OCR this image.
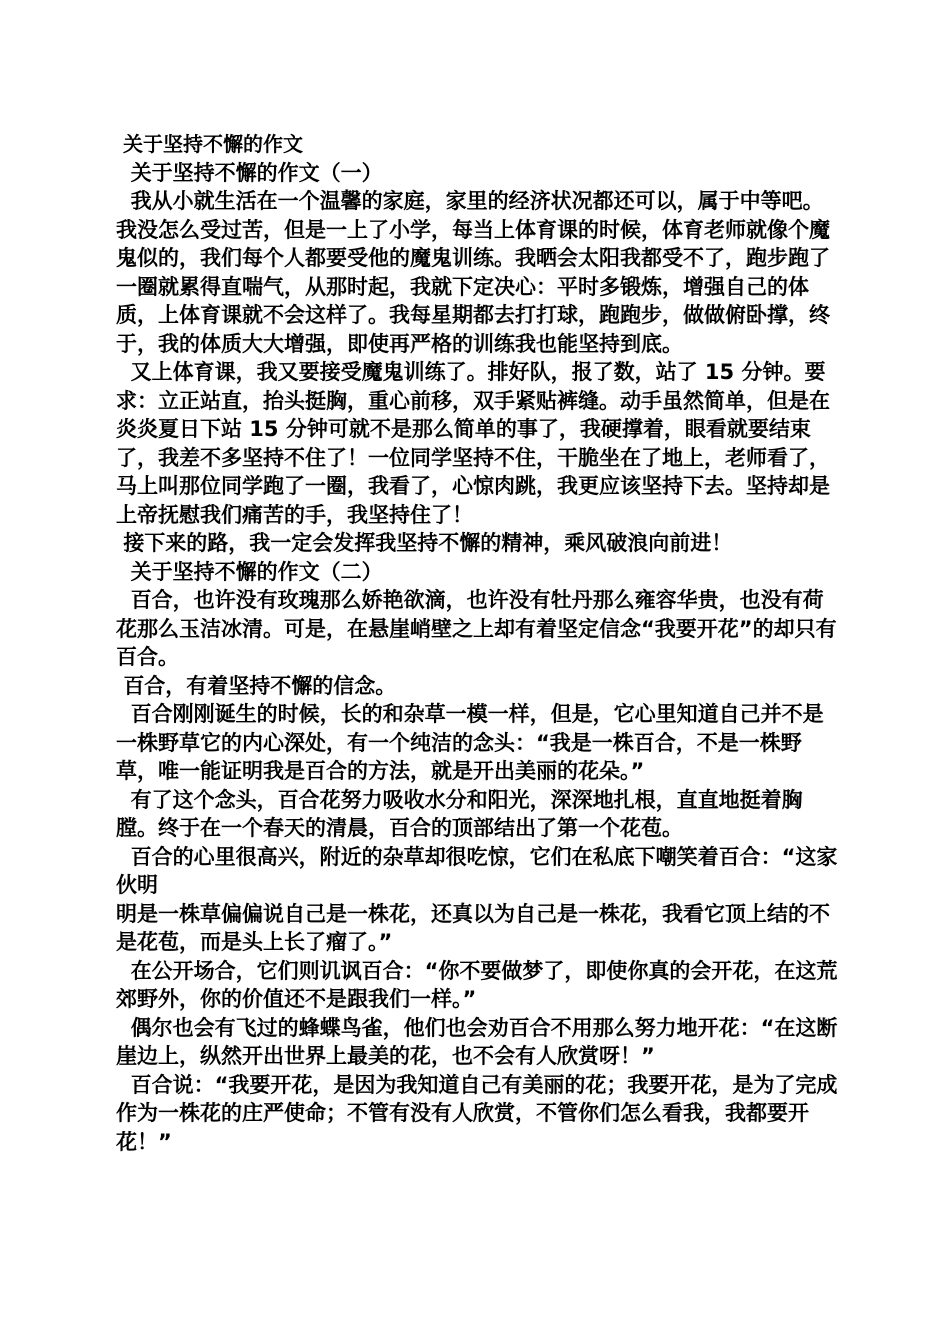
关于坚持不懈的作文

关于坚持不懈的作文（一）

我从小就生活在一个温馨的家庭，家里的经济状况都还可以，属于中等吧。我没怎么受过苦，但是一上了小学，每当上体育课的时候，体育老师就像个魔鬼似的，我们每个人都要受他的魔鬼训练。我晒会太阳我都受不了，跑步跑了一圈就累得直喘气，从那时起，我就下定决心：平时多锻炼，增强自己的体质，上体育课就不会这样了。我每星期都去打打球，跑跑步，做做俯卧撑，终于，我的体质大大增强，即使再严格的训练我也能坚持到底。

又上体育课，我又要接受魔鬼训练了。排好队，报了数，站了 15 分钟。要求：立正站直，抬头挺胸，重心前移，双手紧贴裤缝。动手虽然简单，但是在炎炎夏日下站 15 分钟可就不是那么简单的事了，我硬撑着，眼看就要结束了，我差不多坚持不住了！一位同学坚持不住，干脆坐在了地上，老师看了，马上叫那位同学跑了一圈，我看了，心惊肉跳，我更应该坚持下去。坚持却是上帝抚慰我们痛苦的手，我坚持住了！

接下来的路，我一定会发挥我坚持不懈的精神，乘风破浪向前进！

关于坚持不懈的作文（二）

百合，也许没有玫瑰那么娇艳欲滴，也许没有牡丹那么雍容华贵，也没有荷花那么玉洁冰清。可是，在悬崖峭壁之上却有着坚定信念“我要开花”的却只有百合。

百合，有着坚持不懈的信念。

百合刚刚诞生的时候，长的和杂草一模一样，但是，它心里知道自己并不是一株野草它的内心深处，有一个纯洁的念头：“我是一株百合，不是一株野草，唯一能证明我是百合的方法，就是开出美丽的花朵。”

有了这个念头，百合花努力吸收水分和阳光，深深地扎根，直直地挺着胸膛。终于在一个春天的清晨，百合的顶部结出了第一个花苞。

百合的心里很高兴，附近的杂草却很吃惊，它们在私底下嘲笑着百合：“这家伙明

明是一株草偏偏说自己是一株花，还真以为自己是一株花，我看它顶上结的不是花苞，而是头上长了瘤了。”

在公开场合，它们则讥讽百合：“你不要做梦了，即使你真的会开花，在这荒郊野外，你的价值还不是跟我们一样。”

偶尔也会有飞过的蜂蝶鸟雀，他们也会劝百合不用那么努力地开花：“在这断崖边上，纵然开出世界上最美的花，也不会有人欣赏呀！”

百合说：“我要开花，是因为我知道自己有美丽的花；我要开花，是为了完成作为一株花的庄严使命；不管有没有人欣赏，不管你们怎么看我，我都要开花！”
